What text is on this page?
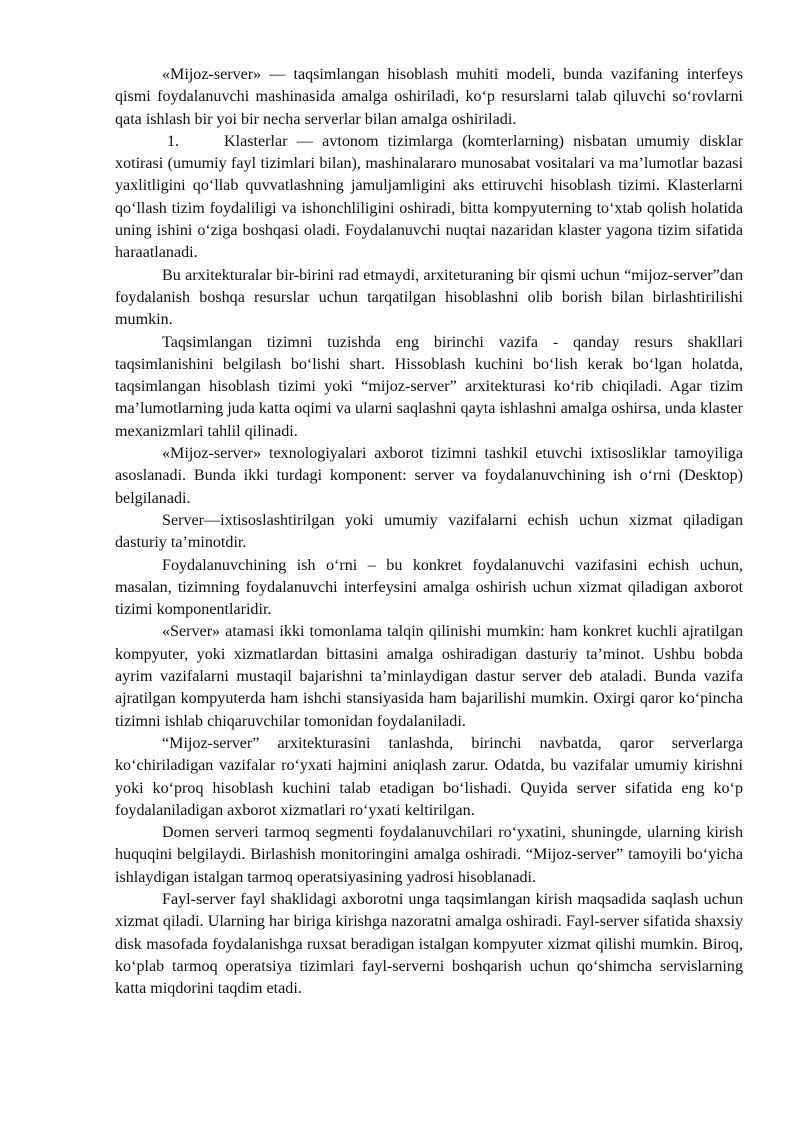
«Mijoz-server» — taqsimlangan hisoblash muhiti modeli, bunda vazifaning interfeys qismi foydalanuvchi mashinasida amalga oshiriladi, ko‘p resurslarni talab qiluvchi so‘rovlarni qata ishlash bir yoi bir necha serverlar bilan amalga oshiriladi.

1.	Klasterlar — avtonom tizimlarga (komterlarning) nisbatan umumiy disklar xotirasi (umumiy fayl tizimlari bilan), mashinalararo munosabat vositalari va ma’lumotlar bazasi yaxlitligini qo‘llab quvvatlashning jamuljamligini aks ettiruvchi hisoblash tizimi. Klasterlarni qo‘llash tizim foydaliligi va ishonchliligini oshiradi, bitta kompyuterning to‘xtab qolish holatida uning ishini o‘ziga boshqasi oladi. Foydalanuvchi nuqtai nazaridan klaster yagona tizim sifatida haraatlanadi.

Bu arxitekturalar bir-birini rad etmaydi, arxiteturaning bir qismi uchun “mijoz-server”dan foydalanish boshqa resurslar uchun tarqatilgan hisoblashni olib borish bilan birlashtirilishi mumkin.

Taqsimlangan tizimni tuzishda eng birinchi vazifa - qanday resurs shakllari taqsimlanishini belgilash bo‘lishi shart. Hissoblash kuchini bo‘lish kerak bo‘lgan holatda, taqsimlangan hisoblash tizimi yoki “mijoz-server” arxitekturasi ko‘rib chiqiladi. Agar tizim ma’lumotlarning juda katta oqimi va ularni saqlashni qayta ishlashni amalga oshirsa, unda klaster mexanizmlari tahlil qilinadi.

«Mijoz-server» texnologiyalari axborot tizimni tashkil etuvchi ixtisosliklar tamoyiliga asoslanadi. Bunda ikki turdagi komponent: server va foydalanuvchining ish o‘rni (Desktop) belgilanadi.

Server—ixtisoslashtirilgan yoki umumiy vazifalarni echish uchun xizmat qiladigan dasturiy ta’minotdir.

Foydalanuvchining ish o‘rni – bu konkret foydalanuvchi vazifasini echish uchun, masalan, tizimning foydalanuvchi interfeysini amalga oshirish uchun xizmat qiladigan axborot tizimi komponentlaridir.

«Server» atamasi ikki tomonlama talqin qilinishi mumkin: ham konkret kuchli ajratilgan kompyuter, yoki xizmatlardan bittasini amalga oshiradigan dasturiy ta’minot. Ushbu bobda ayrim vazifalarni mustaqil bajarishni ta’minlaydigan dastur server deb ataladi. Bunda vazifa ajratilgan kompyuterda ham ishchi stansiyasida ham bajarilishi mumkin. Oxirgi qaror ko‘pincha tizimni ishlab chiqaruvchilar tomonidan foydalaniladi.

“Mijoz-server” arxitekturasini tanlashda, birinchi navbatda, qaror serverlarga ko‘chiriladigan vazifalar ro‘yxati hajmini aniqlash zarur. Odatda, bu vazifalar umumiy kirishni yoki ko‘proq hisoblash kuchini talab etadigan bo‘lishadi. Quyida server sifatida eng ko‘p foydalaniladigan axborot xizmatlari ro‘yxati keltirilgan.

Domen serveri tarmoq segmenti foydalanuvchilari ro‘yxatini, shuningde, ularning kirish huquqini belgilaydi. Birlashish monitoringini amalga oshiradi. “Mijoz-server” tamoyili bo‘yicha ishlaydigan istalgan tarmoq operatsiyasining yadrosi hisoblanadi.

Fayl-server fayl shaklidagi axborotni unga taqsimlangan kirish maqsadida saqlash uchun xizmat qiladi. Ularning har biriga kirishga nazoratni amalga oshiradi. Fayl-server sifatida shaxsiy disk masofada foydalanishga ruxsat beradigan istalgan kompyuter xizmat qilishi mumkin. Biroq, ko‘plab tarmoq operatsiya tizimlari fayl-serverni boshqarish uchun qo‘shimcha servislarning katta miqdorini taqdim etadi.
